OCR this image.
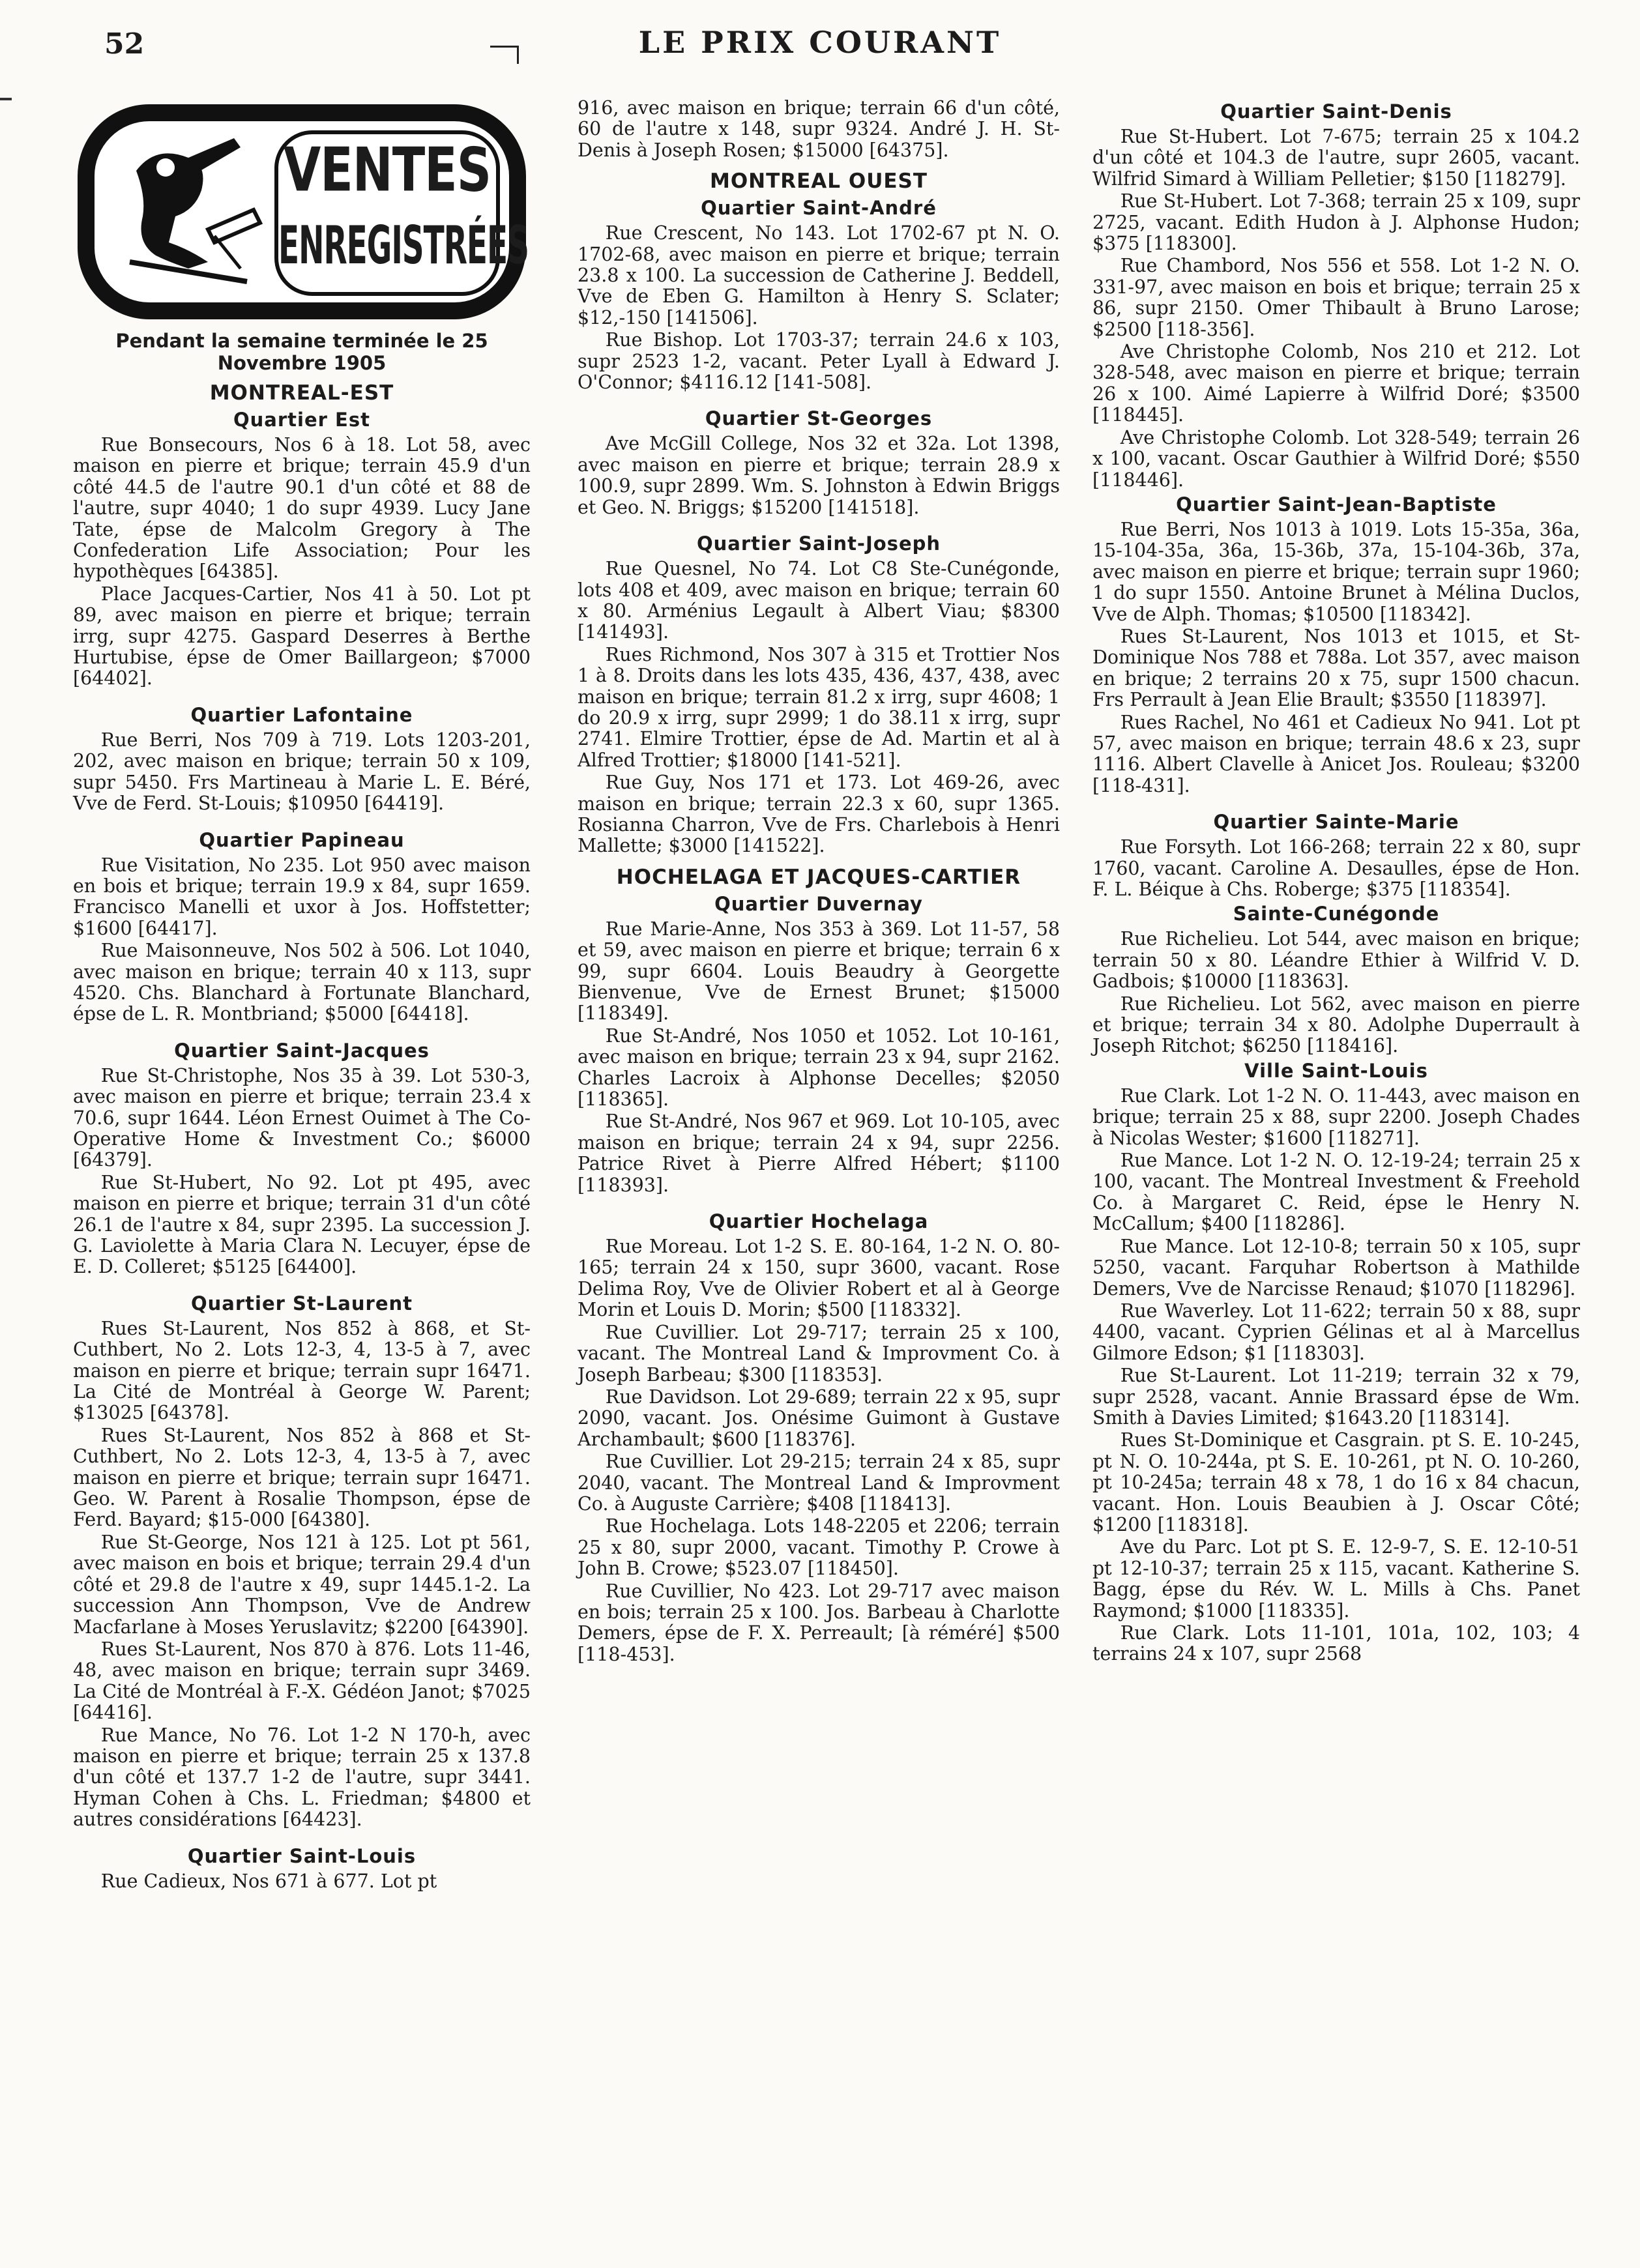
52	LE PRIX COURANT
VENTES
ENREGISTRÉES

Pendant la semaine terminée le 25 Novembre 1905

MONTREAL-EST

Quartier Est

Rue Bonsecours, Nos 6 à 18. Lot 58, avec maison en pierre et brique; terrain 45.9 d'un côté 44.5 de l'autre 90.1 d'un côté et 88 de l'autre, supr 4040; 1 do supr 4939. Lucy Jane Tate, épse de Malcolm Gregory à The Confederation Life Association; Pour les hypothèques [64385].

Place Jacques-Cartier, Nos 41 à 50. Lot pt 89, avec maison en pierre et brique; terrain irrg, supr 4275. Gaspard Deserres à Berthe Hurtubise, épse de Omer Baillargeon; $7000 [64402].

Quartier Lafontaine

Rue Berri, Nos 709 à 719. Lots 1203-201, 202, avec maison en brique; terrain 50 x 109, supr 5450. Frs Martineau à Marie L. E. Béré, Vve de Ferd. St-Louis; $10950 [64419].

Quartier Papineau

Rue Visitation, No 235. Lot 950 avec maison en bois et brique; terrain 19.9 x 84, supr 1659. Francisco Manelli et uxor à Jos. Hoffstetter; $1600 [64417].

Rue Maisonneuve, Nos 502 à 506. Lot 1040, avec maison en brique; terrain 40 x 113, supr 4520. Chs. Blanchard à Fortunate Blanchard, épse de L. R. Montbriand; $5000 [64418].

Quartier Saint-Jacques

Rue St-Christophe, Nos 35 à 39. Lot 530-3, avec maison en pierre et brique; terrain 23.4 x 70.6, supr 1644. Léon Ernest Ouimet à The Co-Operative Home & Investment Co.; $6000 [64379].

Rue St-Hubert, No 92. Lot pt 495, avec maison en pierre et brique; terrain 31 d'un côté 26.1 de l'autre x 84, supr 2395. La succession J. G. Laviolette à Maria Clara N. Lecuyer, épse de E. D. Colleret; $5125 [64400].

Quartier St-Laurent

Rues St-Laurent, Nos 852 à 868, et St-Cuthbert, No 2. Lots 12-3, 4, 13-5 à 7, avec maison en pierre et brique; terrain supr 16471. La Cité de Montréal à George W. Parent; $13025 [64378].

Rues St-Laurent, Nos 852 à 868 et St-Cuthbert, No 2. Lots 12-3, 4, 13-5 à 7, avec maison en pierre et brique; terrain supr 16471. Geo. W. Parent à Rosalie Thompson, épse de Ferd. Bayard; $15-000 [64380].

Rue St-George, Nos 121 à 125. Lot pt 561, avec maison en bois et brique; terrain 29.4 d'un côté et 29.8 de l'autre x 49, supr 1445.1-2. La succession Ann Thompson, Vve de Andrew Macfarlane à Moses Yeruslavitz; $2200 [64390].

Rues St-Laurent, Nos 870 à 876. Lots 11-46, 48, avec maison en brique; terrain supr 3469. La Cité de Montréal à F.-X. Gédéon Janot; $7025 [64416].

Rue Mance, No 76. Lot 1-2 N 170-h, avec maison en pierre et brique; terrain 25 x 137.8 d'un côté et 137.7 1-2 de l'autre, supr 3441. Hyman Cohen à Chs. L. Friedman; $4800 et autres considérations [64423].

Quartier Saint-Louis

Rue Cadieux, Nos 671 à 677. Lot pt

916, avec maison en brique; terrain 66 d'un côté, 60 de l'autre x 148, supr 9324. André J. H. St-Denis à Joseph Rosen; $15000 [64375].

MONTREAL OUEST

Quartier Saint-André

Rue Crescent, No 143. Lot 1702-67 pt N. O. 1702-68, avec maison en pierre et brique; terrain 23.8 x 100. La succession de Catherine J. Beddell, Vve de Eben G. Hamilton à Henry S. Sclater; $12,-150 [141506].

Rue Bishop. Lot 1703-37; terrain 24.6 x 103, supr 2523 1-2, vacant. Peter Lyall à Edward J. O'Connor; $4116.12 [141-508].

Quartier St-Georges

Ave McGill College, Nos 32 et 32a. Lot 1398, avec maison en pierre et brique; terrain 28.9 x 100.9, supr 2899. Wm. S. Johnston à Edwin Briggs et Geo. N. Briggs; $15200 [141518].

Quartier Saint-Joseph

Rue Quesnel, No 74. Lot C8 Ste-Cunégonde, lots 408 et 409, avec maison en brique; terrain 60 x 80. Arménius Legault à Albert Viau; $8300 [141493].

Rues Richmond, Nos 307 à 315 et Trottier Nos 1 à 8. Droits dans les lots 435, 436, 437, 438, avec maison en brique; terrain 81.2 x irrg, supr 4608; 1 do 20.9 x irrg, supr 2999; 1 do 38.11 x irrg, supr 2741. Elmire Trottier, épse de Ad. Martin et al à Alfred Trottier; $18000 [141-521].

Rue Guy, Nos 171 et 173. Lot 469-26, avec maison en brique; terrain 22.3 x 60, supr 1365. Rosianna Charron, Vve de Frs. Charlebois à Henri Mallette; $3000 [141522].

HOCHELAGA ET JACQUES-CARTIER

Quartier Duvernay

Rue Marie-Anne, Nos 353 à 369. Lot 11-57, 58 et 59, avec maison en pierre et brique; terrain 6 x 99, supr 6604. Louis Beaudry à Georgette Bienvenue, Vve de Ernest Brunet; $15000 [118349].

Rue St-André, Nos 1050 et 1052. Lot 10-161, avec maison en brique; terrain 23 x 94, supr 2162. Charles Lacroix à Alphonse Decelles; $2050 [118365].

Rue St-André, Nos 967 et 969. Lot 10-105, avec maison en brique; terrain 24 x 94, supr 2256. Patrice Rivet à Pierre Alfred Hébert; $1100 [118393].

Quartier Hochelaga

Rue Moreau. Lot 1-2 S. E. 80-164, 1-2 N. O. 80-165; terrain 24 x 150, supr 3600, vacant. Rose Delima Roy, Vve de Olivier Robert et al à George Morin et Louis D. Morin; $500 [118332].

Rue Cuvillier. Lot 29-717; terrain 25 x 100, vacant. The Montreal Land & Improvment Co. à Joseph Barbeau; $300 [118353].

Rue Davidson. Lot 29-689; terrain 22 x 95, supr 2090, vacant. Jos. Onésime Guimont à Gustave Archambault; $600 [118376].

Rue Cuvillier. Lot 29-215; terrain 24 x 85, supr 2040, vacant. The Montreal Land & Improvment Co. à Auguste Carrière; $408 [118413].

Rue Hochelaga. Lots 148-2205 et 2206; terrain 25 x 80, supr 2000, vacant. Timothy P. Crowe à John B. Crowe; $523.07 [118450].

Rue Cuvillier, No 423. Lot 29-717 avec maison en bois; terrain 25 x 100. Jos. Barbeau à Charlotte Demers, épse de F. X. Perreault; [à réméré] $500 [118-453].

Quartier Saint-Denis

Rue St-Hubert. Lot 7-675; terrain 25 x 104.2 d'un côté et 104.3 de l'autre, supr 2605, vacant. Wilfrid Simard à William Pelletier; $150 [118279].

Rue St-Hubert. Lot 7-368; terrain 25 x 109, supr 2725, vacant. Edith Hudon à J. Alphonse Hudon; $375 [118300].

Rue Chambord, Nos 556 et 558. Lot 1-2 N. O. 331-97, avec maison en bois et brique; terrain 25 x 86, supr 2150. Omer Thibault à Bruno Larose; $2500 [118-356].

Ave Christophe Colomb, Nos 210 et 212. Lot 328-548, avec maison en pierre et brique; terrain 26 x 100. Aimé Lapierre à Wilfrid Doré; $3500 [118445].

Ave Christophe Colomb. Lot 328-549; terrain 26 x 100, vacant. Oscar Gauthier à Wilfrid Doré; $550 [118446].

Quartier Saint-Jean-Baptiste

Rue Berri, Nos 1013 à 1019. Lots 15-35a, 36a, 15-104-35a, 36a, 15-36b, 37a, 15-104-36b, 37a, avec maison en pierre et brique; terrain supr 1960; 1 do supr 1550. Antoine Brunet à Mélina Duclos, Vve de Alph. Thomas; $10500 [118342].

Rues St-Laurent, Nos 1013 et 1015, et St-Dominique Nos 788 et 788a. Lot 357, avec maison en brique; 2 terrains 20 x 75, supr 1500 chacun. Frs Perrault à Jean Elie Brault; $3550 [118397].

Rues Rachel, No 461 et Cadieux No 941. Lot pt 57, avec maison en brique; terrain 48.6 x 23, supr 1116. Albert Clavelle à Anicet Jos. Rouleau; $3200 [118-431].

Quartier Sainte-Marie

Rue Forsyth. Lot 166-268; terrain 22 x 80, supr 1760, vacant. Caroline A. Desaulles, épse de Hon. F. L. Béique à Chs. Roberge; $375 [118354].

Sainte-Cunégonde

Rue Richelieu. Lot 544, avec maison en brique; terrain 50 x 80. Léandre Ethier à Wilfrid V. D. Gadbois; $10000 [118363].

Rue Richelieu. Lot 562, avec maison en pierre et brique; terrain 34 x 80. Adolphe Duperrault à Joseph Ritchot; $6250 [118416].

Ville Saint-Louis

Rue Clark. Lot 1-2 N. O. 11-443, avec maison en brique; terrain 25 x 88, supr 2200. Joseph Chades à Nicolas Wester; $1600 [118271].

Rue Mance. Lot 1-2 N. O. 12-19-24; terrain 25 x 100, vacant. The Montreal Investment & Freehold Co. à Margaret C. Reid, épse le Henry N. McCallum; $400 [118286].

Rue Mance. Lot 12-10-8; terrain 50 x 105, supr 5250, vacant. Farquhar Robertson à Mathilde Demers, Vve de Narcisse Renaud; $1070 [118296].

Rue Waverley. Lot 11-622; terrain 50 x 88, supr 4400, vacant. Cyprien Gélinas et al à Marcellus Gilmore Edson; $1 [118303].

Rue St-Laurent. Lot 11-219; terrain 32 x 79, supr 2528, vacant. Annie Brassard épse de Wm. Smith à Davies Limited; $1643.20 [118314].

Rues St-Dominique et Casgrain. pt S. E. 10-245, pt N. O. 10-244a, pt S. E. 10-261, pt N. O. 10-260, pt 10-245a; terrain 48 x 78, 1 do 16 x 84 chacun, vacant. Hon. Louis Beaubien à J. Oscar Côté; $1200 [118318].

Ave du Parc. Lot pt S. E. 12-9-7, S. E. 12-10-51 pt 12-10-37; terrain 25 x 115, vacant. Katherine S. Bagg, épse du Rév. W. L. Mills à Chs. Panet Raymond; $1000 [118335].

Rue Clark. Lots 11-101, 101a, 102, 103; 4 terrains 24 x 107, supr 2568
